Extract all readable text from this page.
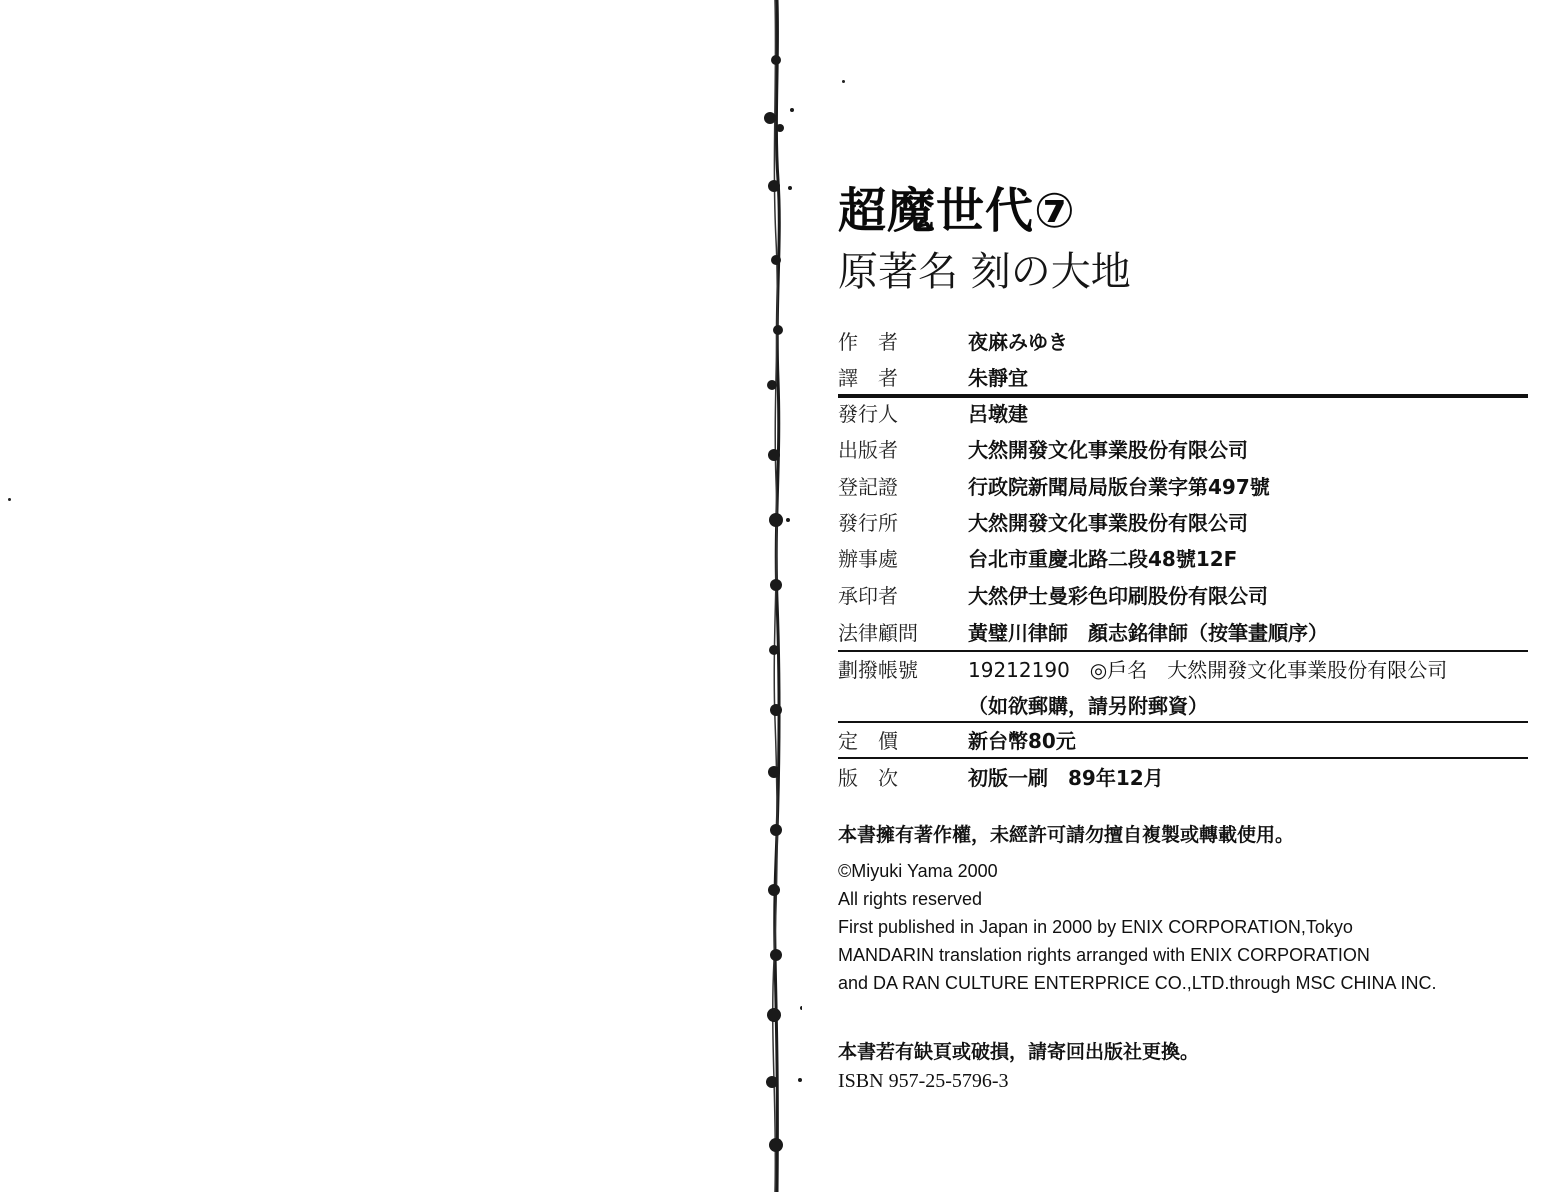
超魔世代⑦
原著名 刻の大地
作　者	夜麻みゆき
譯　者	朱靜宜
發行人	呂墩建
出版者	大然開發文化事業股份有限公司
登記證	行政院新聞局局版台業字第497號
發行所	大然開發文化事業股份有限公司
辦事處	台北市重慶北路二段48號12F
承印者	大然伊士曼彩色印刷股份有限公司
法律顧問	黃璧川律師　顏志銘律師（按筆畫順序）
劃撥帳號	19212190　◎戶名　大然開發文化事業股份有限公司
（如欲郵購，請另附郵資）
定　價	新台幣80元
版　次	初版一刷　89年12月
本書擁有著作權，未經許可請勿擅自複製或轉載使用。
©Miyuki Yama 2000
All rights reserved
First published in Japan in 2000 by ENIX CORPORATION,Tokyo
MANDARIN translation rights arranged with ENIX CORPORATION
and DA RAN CULTURE ENTERPRICE CO.,LTD.through MSC CHINA INC.
本書若有缺頁或破損，請寄回出版社更換。
ISBN 957-25-5796-3
